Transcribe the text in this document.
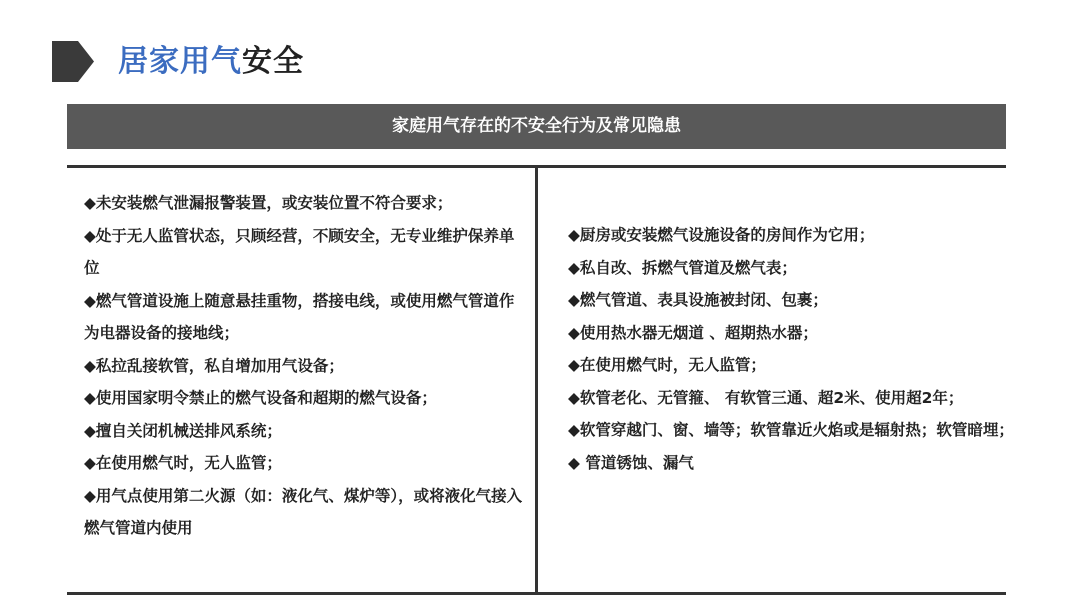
居家用气安全
家庭用气存在的不安全行为及常见隐患

◆未安装燃气泄漏报警装置，或安装位置不符合要求；

◆处于无人监管状态，只顾经营，不顾安全，无专业维护保养单位

◆燃气管道设施上随意悬挂重物，搭接电线，或使用燃气管道作为电器设备的接地线；

◆私拉乱接软管，私自增加用气设备；

◆使用国家明令禁止的燃气设备和超期的燃气设备；

◆擅自关闭机械送排风系统；

◆在使用燃气时，无人监管；

◆用气点使用第二火源（如：液化气、煤炉等），或将液化气接入燃气管道内使用

◆厨房或安装燃气设施设备的房间作为它用；

◆私自改、拆燃气管道及燃气表；

◆燃气管道、表具设施被封闭、包裹；

◆使用热水器无烟道 、超期热水器；

◆在使用燃气时，无人监管；

◆软管老化、无管箍、 有软管三通、超2米、使用超2年；

◆软管穿越门、窗、墙等；软管靠近火焰或是辐射热；软管暗埋；

◆ 管道锈蚀、漏气
